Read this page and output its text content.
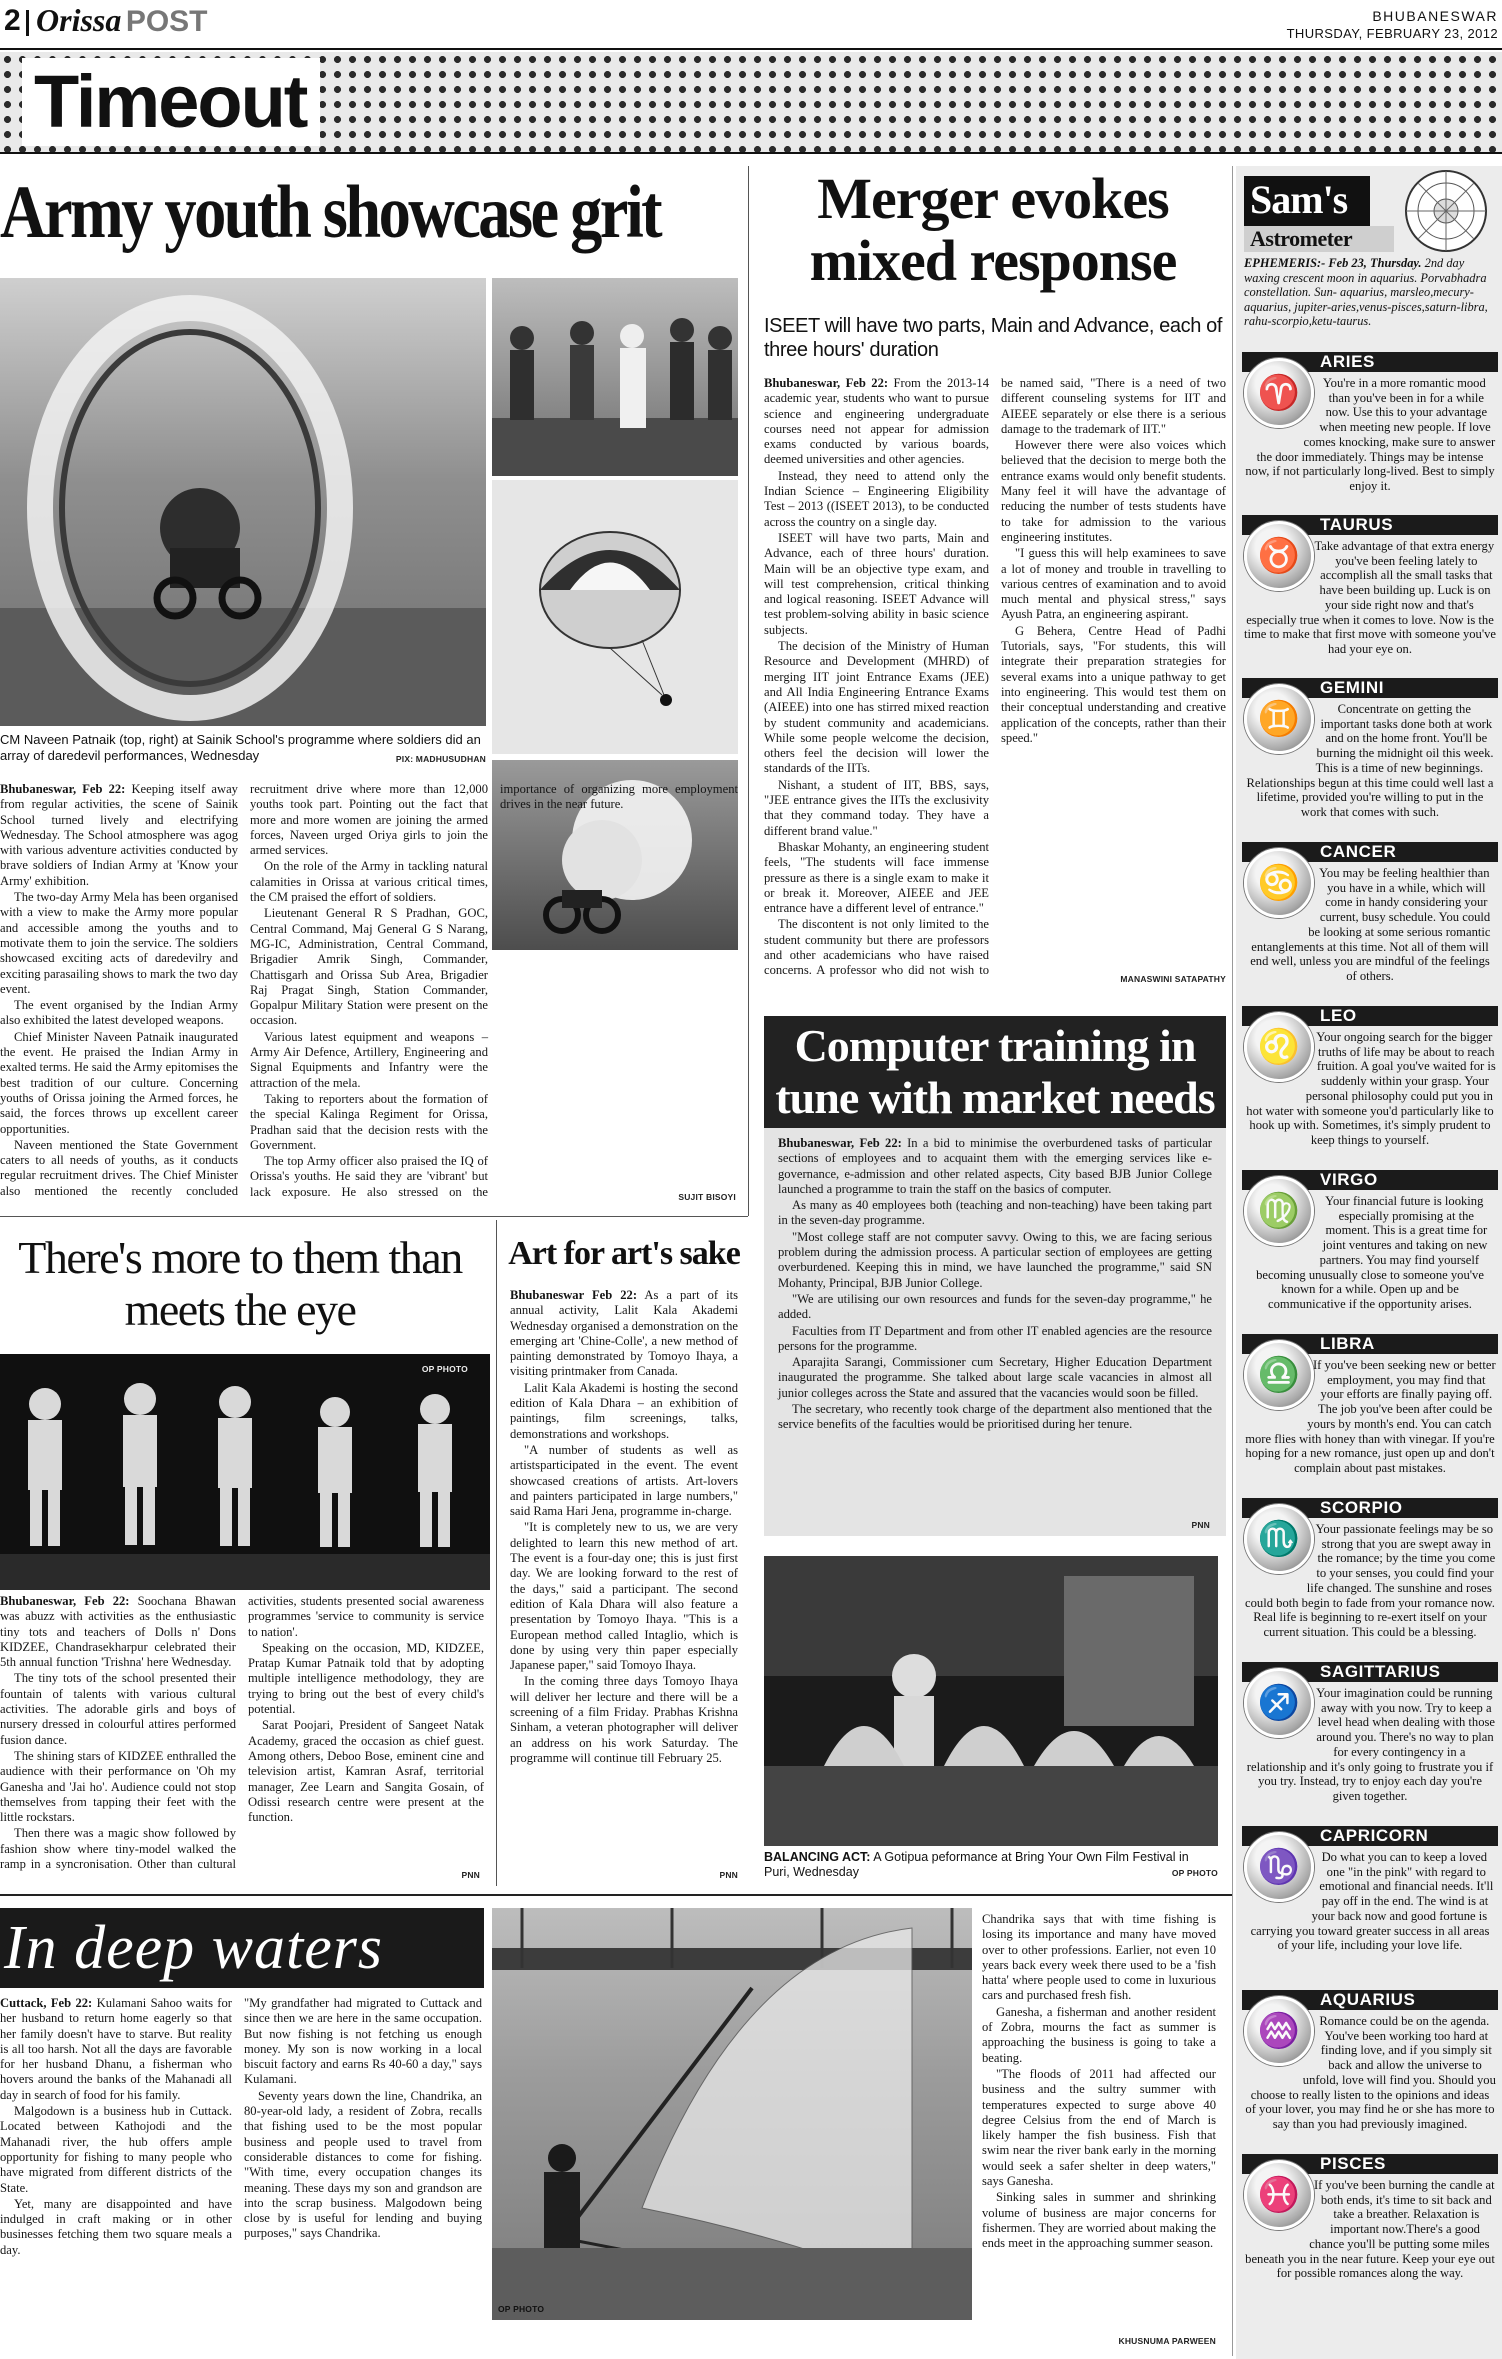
2 Orissa POST	BHUBANESWAR
THURSDAY, FEBRUARY 23, 2012
Timeout
Army youth showcase grit
CM Naveen Patnaik (top, right) at Sainik School's programme where soldiers did an array of daredevil performances, Wednesday	PIX: MADHUSUDHAN

Bhubaneswar, Feb 22: Keeping itself away from regular activities, the scene of Sainik School turned lively and electrifying Wednesday. The School atmosphere was agog with various adventure activities conducted by brave soldiers of Indian Army at 'Know your Army' exhibition.

The two-day Army Mela has been organised with a view to make the Army more popular and accessible among the youths and to motivate them to join the service. The soldiers showcased exciting acts of daredevilry and exciting parasailing shows to mark the two day event.

The event organised by the Indian Army also exhibited the latest developed weapons.

Chief Minister Naveen Patnaik inaugurated the event. He praised the Indian Army in exalted terms. He said the Army epitomises the best tradition of our culture. Concerning youths of Orissa joining the Armed forces, he said, the forces throws up excellent career opportunities.

Naveen mentioned the State Government caters to all needs of youths, as it conducts regular recruitment drives. The Chief Minister also mentioned the recently concluded recruitment drive where more than 12,000 youths took part. Pointing out the fact that more and more women are joining the armed forces, Naveen urged Oriya girls to join the armed services.

On the role of the Army in tackling natural calamities in Orissa at various critical times, the CM praised the effort of soldiers.

Lieutenant General R S Pradhan, GOC, Central Command, Maj General G S Narang, MG-IC, Administration, Central Command, Brigadier Amrik Singh, Commander, Chattisgarh and Orissa Sub Area, Brigadier Raj Pragat Singh, Station Commander, Gopalpur Military Station were present on the occasion.

Various latest equipment and weapons – Army Air Defence, Artillery, Engineering and Signal Equipments and Infantry were the attraction of the mela.

Taking to reporters about the formation of the special Kalinga Regiment for Orissa, Pradhan said that the decision rests with the Government.

The top Army officer also praised the IQ of Orissa's youths. He said they are 'vibrant' but lack exposure. He also stressed on the importance of organizing more employment drives in the near future.

SUJIT BISOYI
Merger evokes
mixed response
ISEET will have two parts, Main and Advance, each of three hours' duration

Bhubaneswar, Feb 22: From the 2013-14 academic year, students who want to pursue science and engineering undergraduate courses need not appear for admission exams conducted by various boards, deemed universities and other agencies.

Instead, they need to attend only the Indian Science – Engineering Eligibility Test – 2013 ((ISEET 2013), to be conducted across the country on a single day.

ISEET will have two parts, Main and Advance, each of three hours' duration. Main will be an objective type exam, and will test comprehension, critical thinking and logical reasoning. ISEET Advance will test problem-solving ability in basic science subjects.

The decision of the Ministry of Human Resource and Development (MHRD) of merging IIT joint Entrance Exams (JEE) and All India Engineering Entrance Exams (AIEEE) into one has stirred mixed reaction by student community and academicians. While some people welcome the decision, others feel the decision will lower the standards of the IITs.

Nishant, a student of IIT, BBS, says, "JEE entrance gives the IITs the exclusivity that they command today. They have a different brand value."

Bhaskar Mohanty, an engineering student feels, "The students will face immense pressure as there is a single exam to make it or break it. Moreover, AIEEE and JEE entrance have a different level of entrance."

The discontent is not only limited to the student community but there are professors and other academicians who have raised concerns. A professor who did not wish to be named said, "There is a need of two different counseling systems for IIT and AIEEE separately or else there is a serious damage to the trademark of IIT."

However there were also voices which believed that the decision to merge both the entrance exams would only benefit students. Many feel it will have the advantage of reducing the number of tests students have to take for admission to the various engineering institutes.

"I guess this will help examinees to save a lot of money and trouble in travelling to various centres of examination and to avoid much mental and physical stress," says Ayush Patra, an engineering aspirant.

G Behera, Centre Head of Padhi Tutorials, says, "For students, this will integrate their preparation strategies for several exams into a unique pathway to get into engineering. This would test them on their conceptual understanding and creative application of the concepts, rather than their speed."

MANASWINI SATAPATHY
Computer training in
tune with market needs

Bhubaneswar, Feb 22: In a bid to minimise the overburdened tasks of particular sections of employees and to acquaint them with the emerging services like e-governance, e-admission and other related aspects, City based BJB Junior College launched a programme to train the staff on the basics of computer.

As many as 40 employees both (teaching and non-teaching) have been taking part in the seven-day programme.

"Most college staff are not computer savvy. Owing to this, we are facing serious problem during the admission process. A particular section of employees are getting overburdened. Keeping this in mind, we have launched the programme," said SN Mohanty, Principal, BJB Junior College.

"We are utilising our own resources and funds for the seven-day programme," he added.

Faculties from IT Department and from other IT enabled agencies are the resource persons for the programme.

Aparajita Sarangi, Commissioner cum Secretary, Higher Education Department inaugurated the programme. She talked about large scale vacancies in almost all junior colleges across the State and assured that the vacancies would soon be filled.

The secretary, who recently took charge of the department also mentioned that the service benefits of the faculties would be prioritised during her tenure.

PNN
BALANCING ACT: A Gotipua peformance at Bring Your Own Film Festival in Puri, Wednesday	OP PHOTO
There's more to them than
meets the eye
OP PHOTO

Bhubaneswar, Feb 22: Soochana Bhawan was abuzz with activities as the enthusiastic tiny tots and teachers of Dolls n' Dons KIDZEE, Chandrasekharpur celebrated their 5th annual function 'Trishna' here Wednesday.

The tiny tots of the school presented their fountain of talents with various cultural activities. The adorable girls and boys of nursery dressed in colourful attires performed fusion dance.

The shining stars of KIDZEE enthralled the audience with their performance on 'Oh my Ganesha and 'Jai ho'. Audience could not stop themselves from tapping their feet with the little rockstars.

Then there was a magic show followed by fashion show where tiny-model walked the ramp in a syncronisation. Other than cultural activities, students presented social awareness programmes 'service to community is service to nation'.

Speaking on the occasion, MD, KIDZEE, Pratap Kumar Patnaik told that by adopting multiple intelligence methodology, they are trying to bring out the best of every child's potential.

Sarat Poojari, President of Sangeet Natak Academy, graced the occasion as chief guest. Among others, Deboo Bose, eminent cine and television artist, Kamran Asraf, territorial manager, Zee Learn and Sangita Gosain, of Odissi research centre were present at the function.

PNN
Art for art's sake

Bhubaneswar Feb 22: As a part of its annual activity, Lalit Kala Akademi Wednesday organised a demonstration on the emerging art 'Chine-Colle', a new method of painting demonstrated by Tomoyo Ihaya, a visiting printmaker from Canada.

Lalit Kala Akademi is hosting the second edition of Kala Dhara – an exhibition of paintings, film screenings, talks, demonstrations and workshops.

"A number of students as well as artistsparticipated in the event. The event showcased creations of artists. Art-lovers and painters participated in large numbers," said Rama Hari Jena, programme in-charge.

"It is completely new to us, we are very delighted to learn this new method of art. The event is a four-day one; this is just first day. We are looking forward to the rest of the days," said a participant. The second edition of Kala Dhara will also feature a presentation by Tomoyo Ihaya. "This is a European method called Intaglio, which is done by using very thin paper especially Japanese paper," said Tomoyo Ihaya.

In the coming three days Tomoyo Ihaya will deliver her lecture and there will be a screening of a film Friday. Prabhas Krishna Sinham, a veteran photographer will deliver an address on his work Saturday. The programme will continue till February 25.

PNN
In deep waters
OP PHOTO

Cuttack, Feb 22: Kulamani Sahoo waits for her husband to return home eagerly so that her family doesn't have to starve. But reality is all too harsh. Not all the days are favorable for her husband Dhanu, a fisherman who hovers around the banks of the Mahanadi all day in search of food for his family.

Malgodown is a business hub in Cuttack. Located between Kathojodi and the Mahanadi river, the hub offers ample opportunity for fishing to many people who have migrated from different districts of the State.

Yet, many are disappointed and have indulged in craft making or in other businesses fetching them two square meals a day.

"My grandfather had migrated to Cuttack and since then we are here in the same occupation. But now fishing is not fetching us enough money. My son is now working in a local biscuit factory and earns Rs 40-60 a day," says Kulamani.

Seventy years down the line, Chandrika, an 80-year-old lady, a resident of Zobra, recalls that fishing used to be the most popular business and people used to travel from considerable distances to come for fishing. "With time, every occupation changes its meaning. These days my son and grandson are into the scrap business. Malgodown being close by is useful for lending and buying purposes," says Chandrika.

Chandrika says that with time fishing is losing its importance and many have moved over to other professions. Earlier, not even 10 years back every week there used to be a 'fish hatta' where people used to come in luxurious cars and purchased fresh fish.

Ganesha, a fisherman and another resident of Zobra, mourns the fact as summer is approaching the business is going to take a beating.

"The floods of 2011 had affected our business and the sultry summer with temperatures expected to surge above 40 degree Celsius from the end of March is likely hamper the fish business. Fish that swim near the river bank early in the morning would seek a safer shelter in deep waters," says Ganesha.

Sinking sales in summer and shrinking volume of business are major concerns for fishermen. They are worried about making the ends meet in the approaching summer season.

KHUSNUMA PARWEEN
Sam's
Astrometer
EPHEMERIS:- Feb 23, Thursday. 2nd day waxing crescent moon in aquarius. Porvabhadra constellation. Sun- aquarius, marsleo,mecury-aquarius, jupiter-aries,venus-pisces,saturn-libra, rahu-scorpio,ketu-taurus.
ARIES
♈	You're in a more romantic mood than you've been in for a while now. Use this to your advantage when meeting new people. If love comes knocking, make sure to answer the door immediately. Things may be intense now, if not particularly long-lived. Best to simply enjoy it.
TAURUS
♉	Take advantage of that extra energy you've been feeling lately to accomplish all the small tasks that have been building up. Luck is on your side right now and that's especially true when it comes to love. Now is the time to make that first move with someone you've had your eye on.
GEMINI
♊	Concentrate on getting the important tasks done both at work and on the home front. You'll be burning the midnight oil this week. This is a time of new beginnings. Relationships begun at this time could well last a lifetime, provided you're willing to put in the work that comes with such.
CANCER
♋	You may be feeling healthier than you have in a while, which will come in handy considering your current, busy schedule. You could be looking at some serious romantic entanglements at this time. Not all of them will end well, unless you are mindful of the feelings of others.
LEO
♌	Your ongoing search for the bigger truths of life may be about to reach fruition. A goal you've waited for is suddenly within your grasp. Your personal philosophy could put you in hot water with someone you'd particularly like to hook up with. Sometimes, it's simply prudent to keep things to yourself.
VIRGO
♍	Your financial future is looking especially promising at the moment. This is a great time for joint ventures and taking on new partners. You may find yourself becoming unusually close to someone you've known for a while. Open up and be communicative if the opportunity arises.
LIBRA
♎	If you've been seeking new or better employment, you may find that your efforts are finally paying off. The job you've been after could be yours by month's end. You can catch more flies with honey than with vinegar. If you're hoping for a new romance, just open up and don't complain about past mistakes.
SCORPIO
♏	Your passionate feelings may be so strong that you are swept away in the romance; by the time you come to your senses, you could find your life changed. The sunshine and roses could both begin to fade from your romance now. Real life is beginning to re-exert itself on your current situation. This could be a blessing.
SAGITTARIUS
♐	Your imagination could be running away with you now. Try to keep a level head when dealing with those around you. There's no way to plan for every contingency in a relationship and it's only going to frustrate you if you try. Instead, try to enjoy each day you're given together.
CAPRICORN
♑	Do what you can to keep a loved one "in the pink" with regard to emotional and financial needs. It'll pay off in the end. The wind is at your back now and good fortune is carrying you toward greater success in all areas of your life, including your love life.
AQUARIUS
♒	Romance could be on the agenda. You've been working too hard at finding love, and if you simply sit back and allow the universe to unfold, love will find you. Should you choose to really listen to the opinions and ideas of your lover, you may find he or she has more to say than you had previously imagined.
PISCES
♓	If you've been burning the candle at both ends, it's time to sit back and take a breather. Relaxation is important now.There's a good chance you'll be putting some miles beneath you in the near future. Keep your eye out for possible romances along the way.
